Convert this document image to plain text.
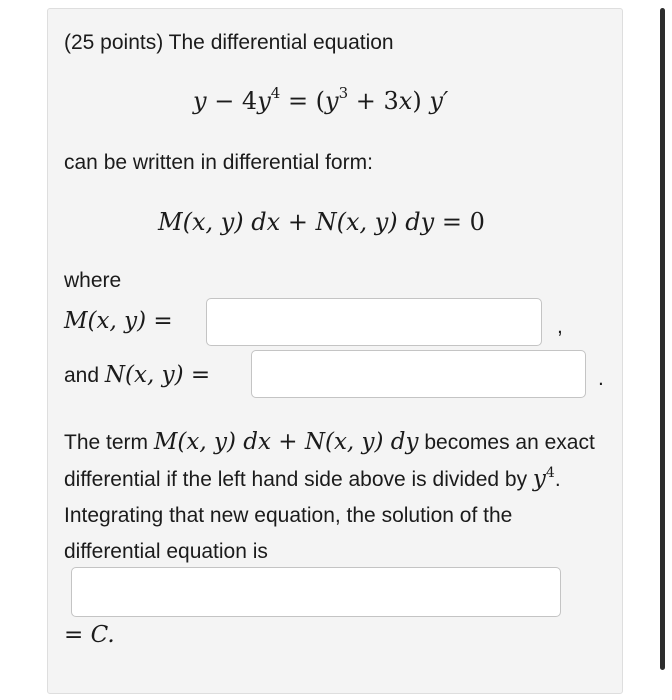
(25 points) The differential equation
$y - 4y^4 = (y^3 + 3x)$ y′
can be written in differential form:
M(x, y) dx + N(x, y) dy = 0
where
M(x, y) =	,
and N(x, y) =	.
The term M(x, y) dx + N(x, y) dy becomes an exact differential if the left hand side above is divided by $y^4$. Integrating that new equation, the solution of the differential equation is
= C.
